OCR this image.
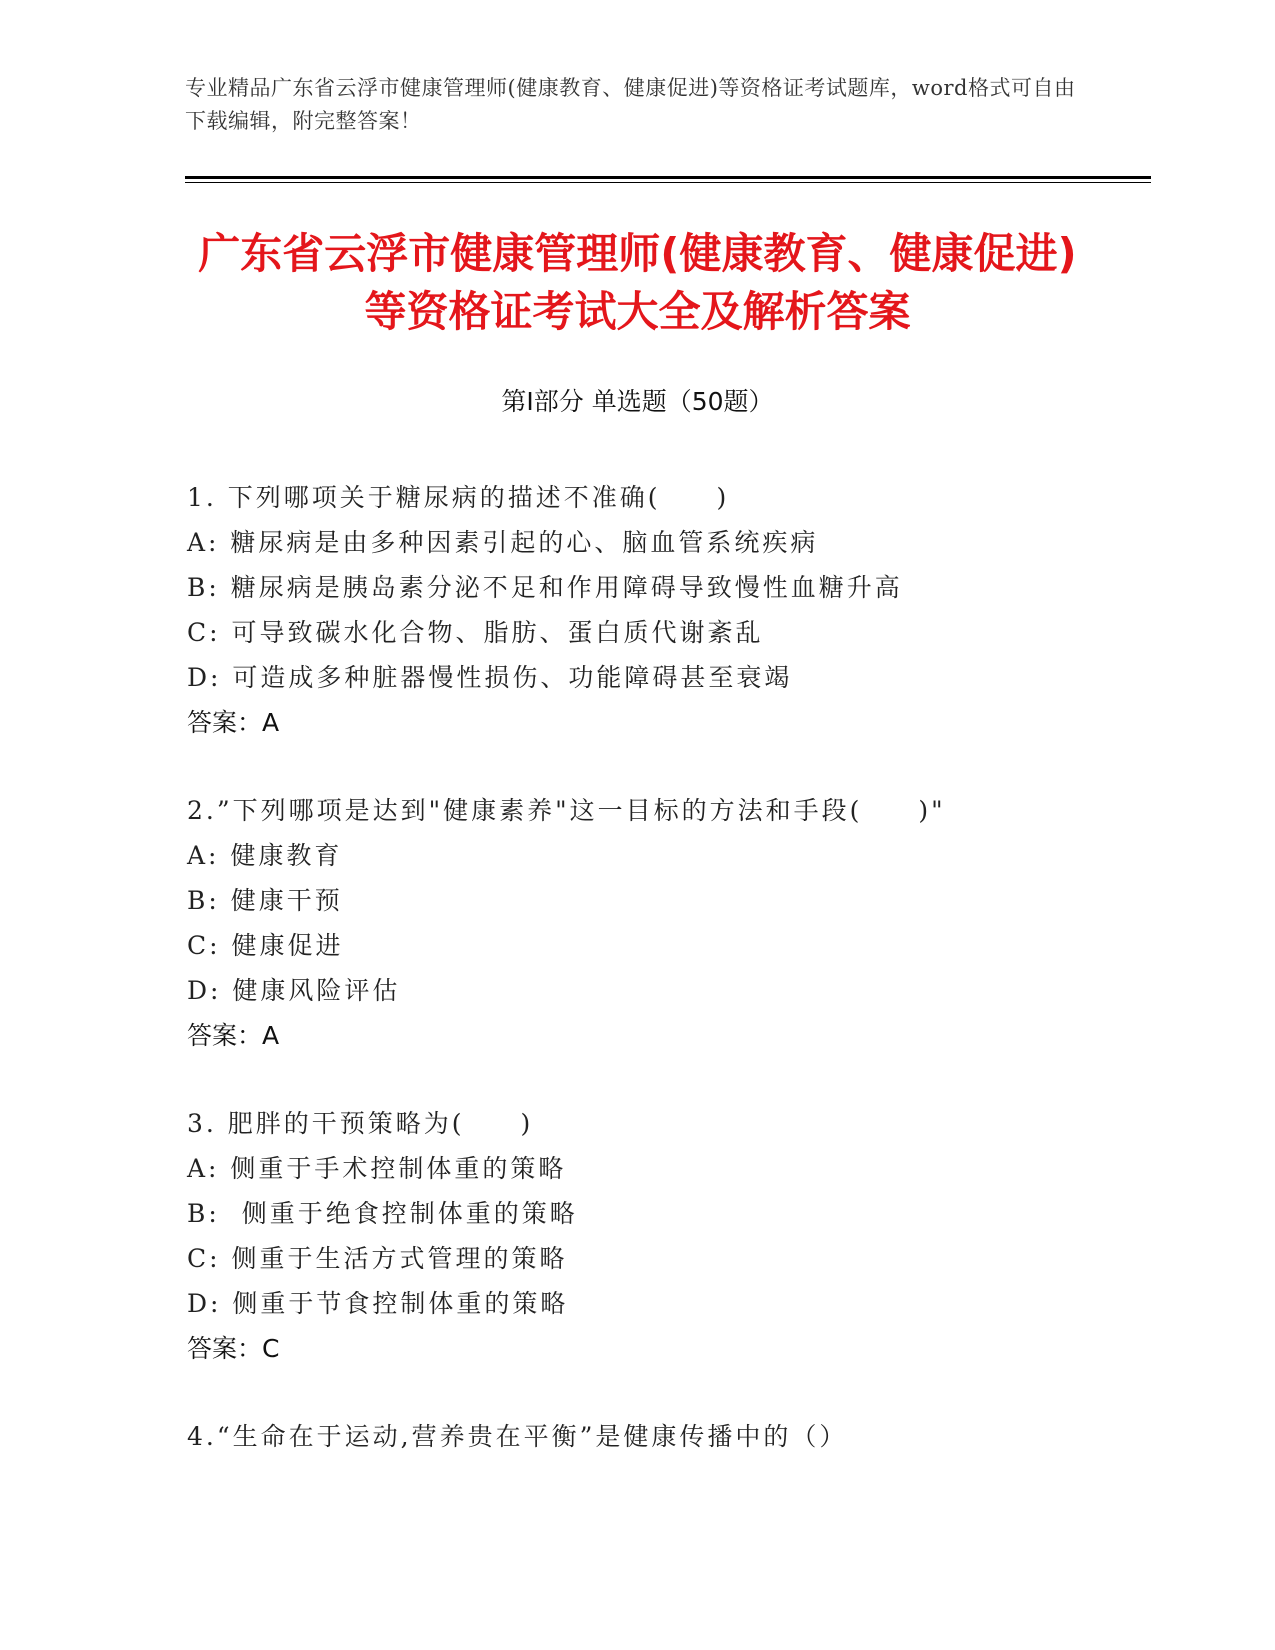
专业精品广东省云浮市健康管理师(健康教育、健康促进)等资格证考试题库，word格式可自由下载编辑，附完整答案！
广东省云浮市健康管理师(健康教育、健康促进)等资格证考试大全及解析答案
第Ⅰ部分 单选题（50题）
1. 下列哪项关于糖尿病的描述不准确(　　)
A: 糖尿病是由多种因素引起的心、脑血管系统疾病
B: 糖尿病是胰岛素分泌不足和作用障碍导致慢性血糖升高
C: 可导致碳水化合物、脂肪、蛋白质代谢紊乱
D: 可造成多种脏器慢性损伤、功能障碍甚至衰竭
答案：A
2.”下列哪项是达到"健康素养"这一目标的方法和手段(　　)"
A: 健康教育
B: 健康干预
C: 健康促进
D: 健康风险评估
答案：A
3. 肥胖的干预策略为(　　)
A: 侧重于手术控制体重的策略
B:  侧重于绝食控制体重的策略
C: 侧重于生活方式管理的策略
D: 侧重于节食控制体重的策略
答案：C
4.“生命在于运动,营养贵在平衡”是健康传播中的（）
